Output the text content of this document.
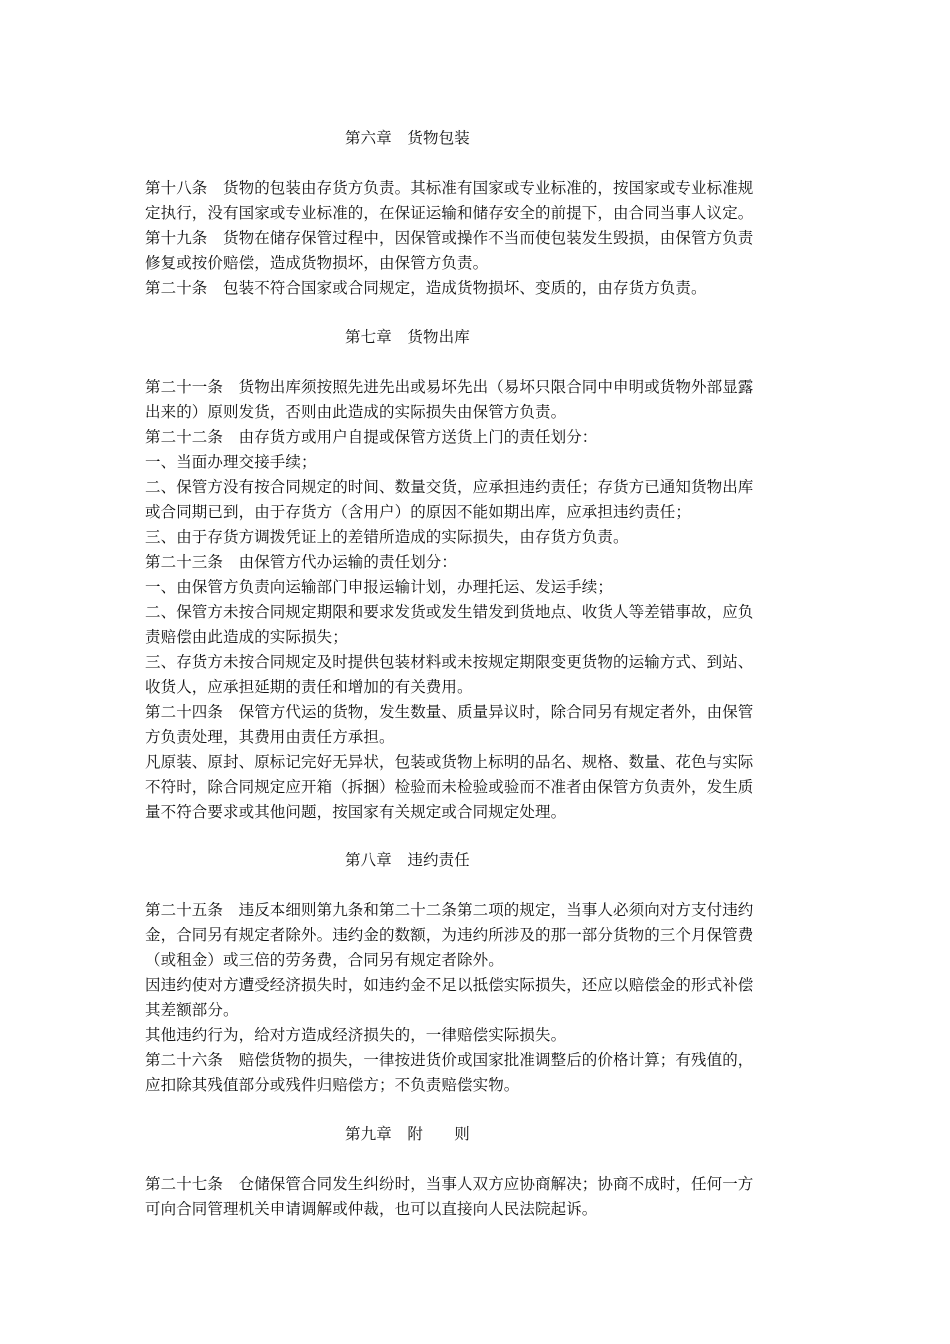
第六章　货物包装
第十八条　货物的包装由存货方负责。其标准有国家或专业标准的，按国家或专业标准规
定执行，没有国家或专业标准的，在保证运输和储存安全的前提下，由合同当事人议定。
第十九条　货物在储存保管过程中，因保管或操作不当而使包装发生毁损，由保管方负责
修复或按价赔偿，造成货物损坏，由保管方负责。
第二十条　包装不符合国家或合同规定，造成货物损坏、变质的，由存货方负责。
第七章　货物出库
第二十一条　货物出库须按照先进先出或易坏先出（易坏只限合同中申明或货物外部显露
出来的）原则发货，否则由此造成的实际损失由保管方负责。
第二十二条　由存货方或用户自提或保管方送货上门的责任划分：
一、当面办理交接手续；
二、保管方没有按合同规定的时间、数量交货，应承担违约责任；存货方已通知货物出库
或合同期已到，由于存货方（含用户）的原因不能如期出库，应承担违约责任；
三、由于存货方调拨凭证上的差错所造成的实际损失，由存货方负责。
第二十三条　由保管方代办运输的责任划分：
一、由保管方负责向运输部门申报运输计划，办理托运、发运手续；
二、保管方未按合同规定期限和要求发货或发生错发到货地点、收货人等差错事故，应负
责赔偿由此造成的实际损失；
三、存货方未按合同规定及时提供包装材料或未按规定期限变更货物的运输方式、到站、
收货人，应承担延期的责任和增加的有关费用。
第二十四条　保管方代运的货物，发生数量、质量异议时，除合同另有规定者外，由保管
方负责处理，其费用由责任方承担。
凡原装、原封、原标记完好无异状，包装或货物上标明的品名、规格、数量、花色与实际
不符时，除合同规定应开箱（拆捆）检验而未检验或验而不准者由保管方负责外，发生质
量不符合要求或其他问题，按国家有关规定或合同规定处理。
第八章　违约责任
第二十五条　违反本细则第九条和第二十二条第二项的规定，当事人必须向对方支付违约
金，合同另有规定者除外。违约金的数额，为违约所涉及的那一部分货物的三个月保管费
（或租金）或三倍的劳务费，合同另有规定者除外。
因违约使对方遭受经济损失时，如违约金不足以抵偿实际损失，还应以赔偿金的形式补偿
其差额部分。
其他违约行为，给对方造成经济损失的，一律赔偿实际损失。
第二十六条　赔偿货物的损失，一律按进货价或国家批准调整后的价格计算；有残值的，
应扣除其残值部分或残件归赔偿方；不负责赔偿实物。
第九章　附　　则
第二十七条　仓储保管合同发生纠纷时，当事人双方应协商解决；协商不成时，任何一方
可向合同管理机关申请调解或仲裁，也可以直接向人民法院起诉。
